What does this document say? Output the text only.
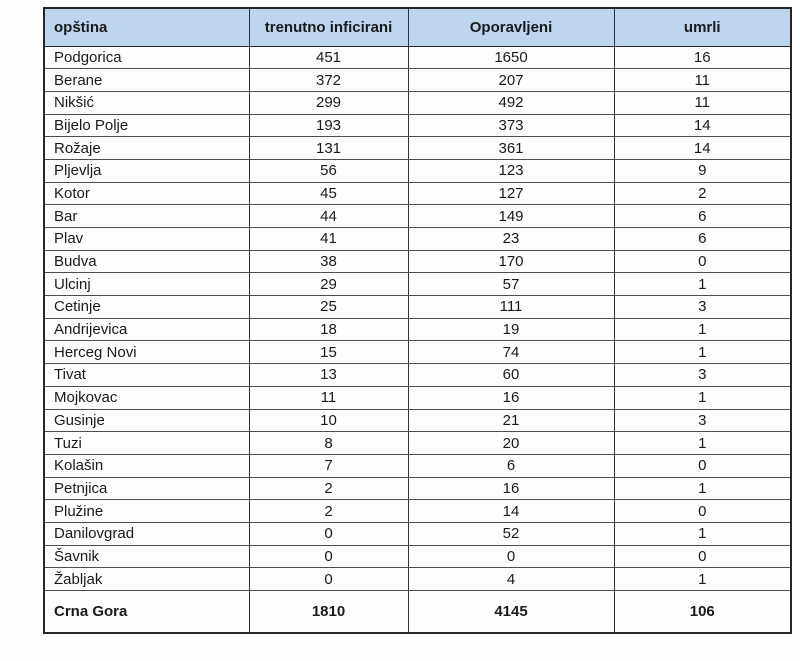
opština	trenutno inficirani	Oporavljeni	umrli
Podgorica	451	1650	16
Berane	372	207	11
Nikšić	299	492	11
Bijelo Polje	193	373	14
Rožaje	131	361	14
Pljevlja	56	123	9
Kotor	45	127	2
Bar	44	149	6
Plav	41	23	6
Budva	38	170	0
Ulcinj	29	57	1
Cetinje	25	111	3
Andrijevica	18	19	1
Herceg Novi	15	74	1
Tivat	13	60	3
Mojkovac	11	16	1
Gusinje	10	21	3
Tuzi	8	20	1
Kolašin	7	6	0
Petnjica	2	16	1
Plužine	2	14	0
Danilovgrad	0	52	1
Šavnik	0	0	0
Žabljak	0	4	1
Crna Gora	1810	4145	106
